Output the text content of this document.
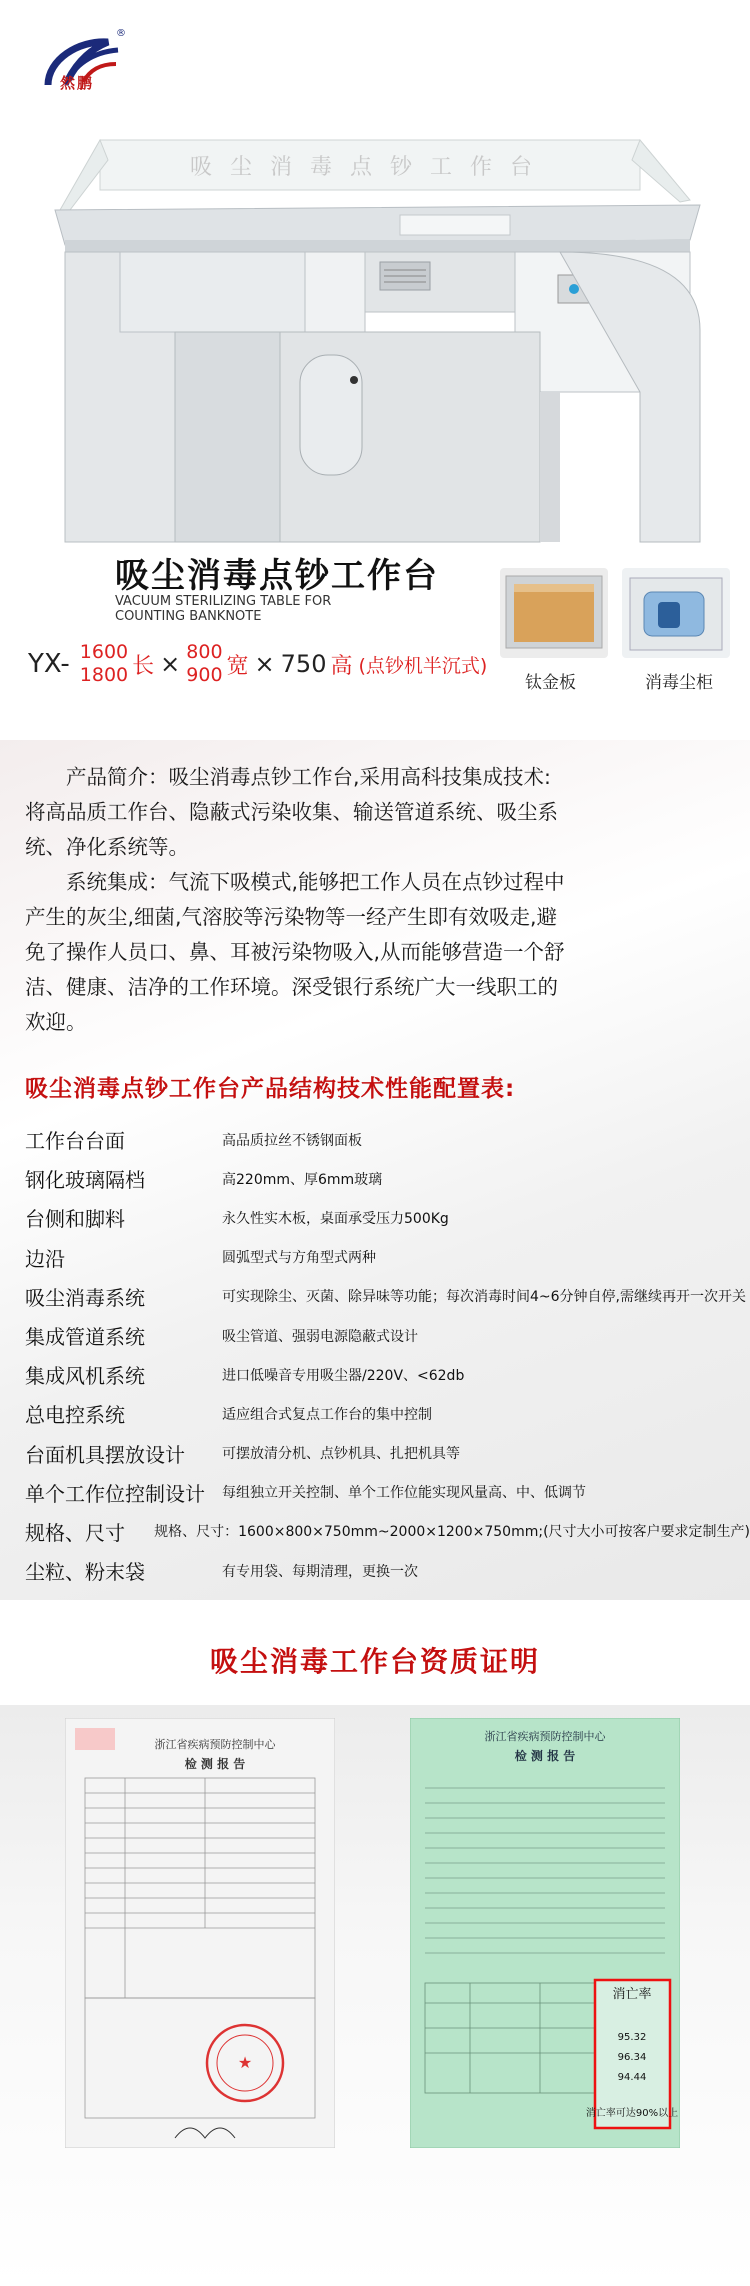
®
然鹏
吸尘消毒点钞工作台
吸尘消毒点钞工作台
VACUUM STERILIZING TABLE FOR COUNTING BANKNOTE
YX- 1600
1800 长 × 800
900 宽 × 750 高 (点钞机半沉式)
钛金板	消毒尘柜

产品简介：吸尘消毒点钞工作台,采用高科技集成技术:将高品质工作台、隐蔽式污染收集、输送管道系统、吸尘系统、净化系统等。

系统集成：气流下吸模式,能够把工作人员在点钞过程中产生的灰尘,细菌,气溶胶等污染物等一经产生即有效吸走,避免了操作人员口、鼻、耳被污染物吸入,从而能够营造一个舒洁、健康、洁净的工作环境。深受银行系统广大一线职工的欢迎。

吸尘消毒点钞工作台产品结构技术性能配置表:
工作台台面	高品质拉丝不锈钢面板
钢化玻璃隔档	高220mm、厚6mm玻璃
台侧和脚料	永久性实木板，桌面承受压力500Kg
边沿	圆弧型式与方角型式两种
吸尘消毒系统	可实现除尘、灭菌、除异味等功能；每次消毒时间4~6分钟自停,需继续再开一次开关
集成管道系统	吸尘管道、强弱电源隐蔽式设计
集成风机系统	进口低噪音专用吸尘器/220V、<62db
总电控系统	适应组合式复点工作台的集中控制
台面机具摆放设计	可摆放清分机、点钞机具、扎把机具等
单个工作位控制设计	每组独立开关控制、单个工作位能实现风量高、中、低调节
规格、尺寸	规格、尺寸：1600×800×750mm~2000×1200×750mm;(尺寸大小可按客户要求定制生产)
尘粒、粉末袋	有专用袋、每期清理，更换一次
吸尘消毒工作台资质证明
浙江省疾病预防控制中心
检 测 报 告
★
浙江省疾病预防控制中心
检 测 报 告
消亡率
95.32
96.34
94.44
消亡率可达90%以上
